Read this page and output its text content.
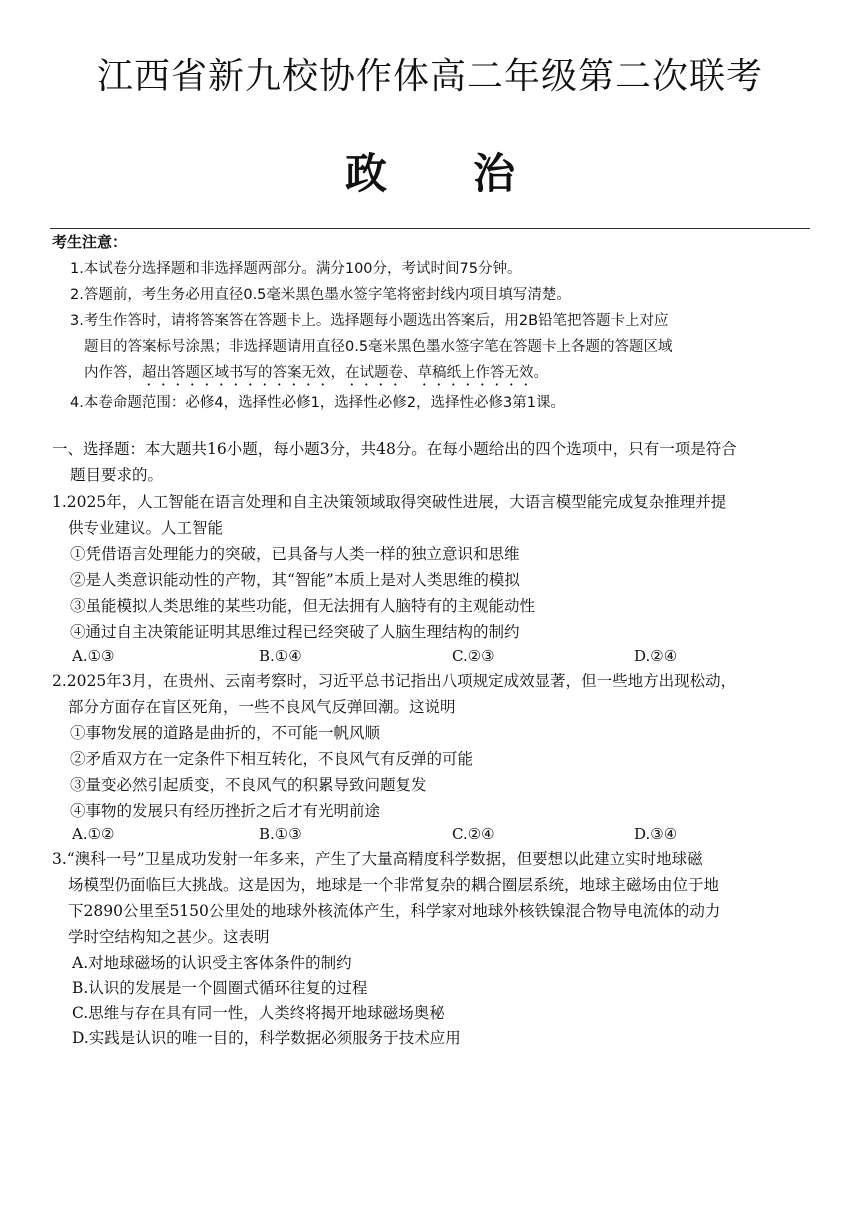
江西省新九校协作体高二年级第二次联考
政 治
考生注意：
1.本试卷分选择题和非选择题两部分。满分100分，考试时间75分钟。
2.答题前，考生务必用直径0.5毫米黑色墨水签字笔将密封线内项目填写清楚。
3.考生作答时，请将答案答在答题卡上。选择题每小题选出答案后，用2B铅笔把答题卡上对应
题目的答案标号涂黑；非选择题请用直径0.5毫米黑色墨水签字笔在答题卡上各题的答题区域
内作答，超出答题区域书写的答案无效，在试题卷、草稿纸上作答无效。
4.本卷命题范围：必修4，选择性必修1，选择性必修2，选择性必修3第1课。
一、选择题：本大题共16小题，每小题3分，共48分。在每小题给出的四个选项中，只有一项是符合
题目要求的。
1.2025年，人工智能在语言处理和自主决策领域取得突破性进展，大语言模型能完成复杂推理并提
供专业建议。人工智能
①凭借语言处理能力的突破，已具备与人类一样的独立意识和思维
②是人类意识能动性的产物，其“智能”本质上是对人类思维的模拟
③虽能模拟人类思维的某些功能，但无法拥有人脑特有的主观能动性
④通过自主决策能证明其思维过程已经突破了人脑生理结构的制约
A.①③	B.①④	C.②③	D.②④
2.2025年3月，在贵州、云南考察时，习近平总书记指出八项规定成效显著，但一些地方出现松动，
部分方面存在盲区死角，一些不良风气反弹回潮。这说明
①事物发展的道路是曲折的，不可能一帆风顺
②矛盾双方在一定条件下相互转化，不良风气有反弹的可能
③量变必然引起质变，不良风气的积累导致问题复发
④事物的发展只有经历挫折之后才有光明前途
A.①②	B.①③	C.②④	D.③④
3.“澳科一号”卫星成功发射一年多来，产生了大量高精度科学数据，但要想以此建立实时地球磁
场模型仍面临巨大挑战。这是因为，地球是一个非常复杂的耦合圈层系统，地球主磁场由位于地
下2890公里至5150公里处的地球外核流体产生，科学家对地球外核铁镍混合物导电流体的动力
学时空结构知之甚少。这表明
A.对地球磁场的认识受主客体条件的制约
B.认识的发展是一个圆圈式循环往复的过程
C.思维与存在具有同一性，人类终将揭开地球磁场奥秘
D.实践是认识的唯一目的，科学数据必须服务于技术应用
